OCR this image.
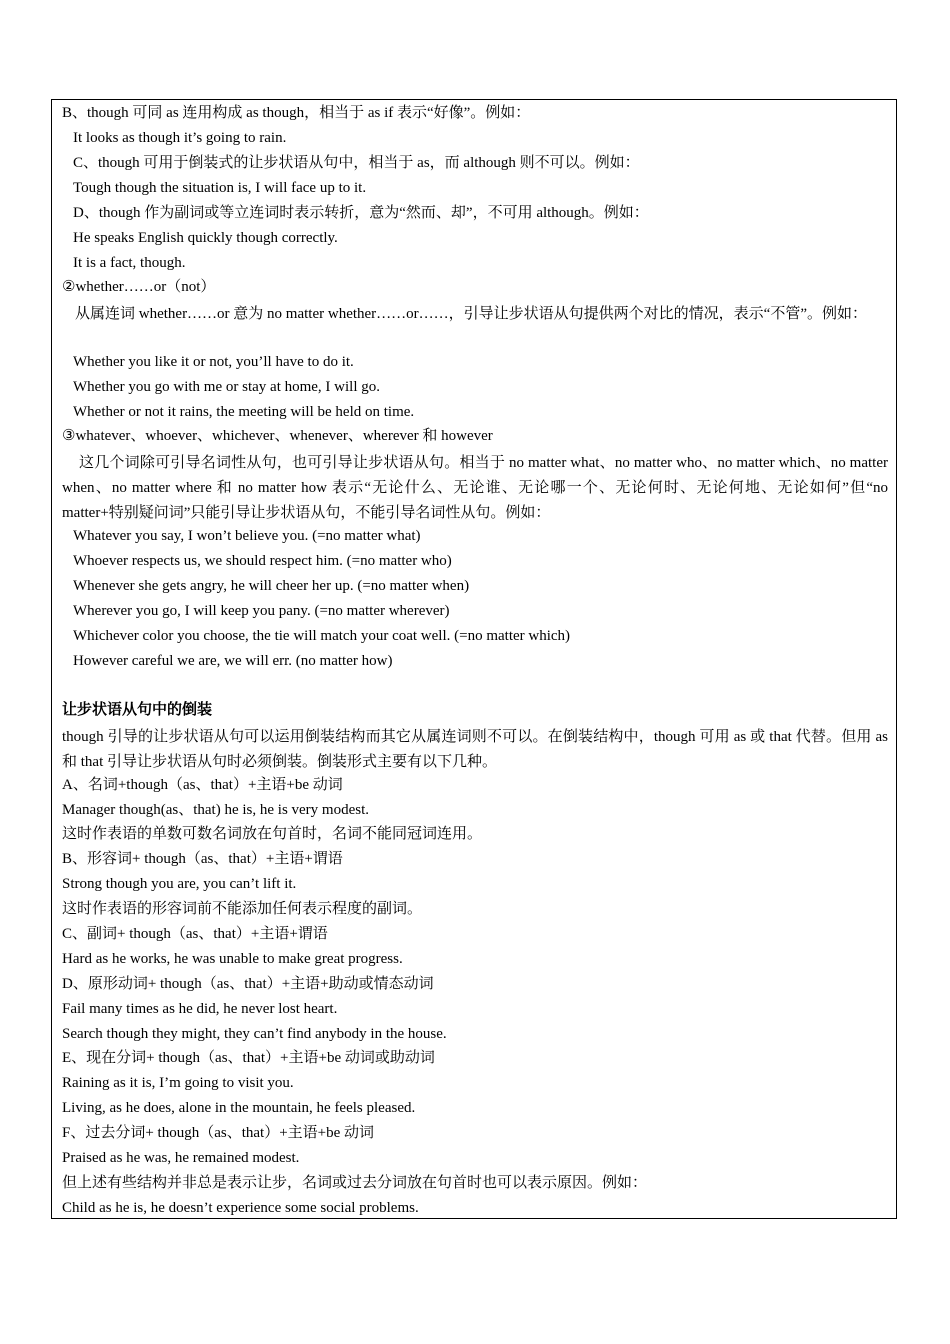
B、though 可同 as 连用构成 as though，相当于 as if 表示“好像”。例如：
It looks as though it’s going to rain.
C、though 可用于倒装式的让步状语从句中，相当于 as，而 although 则不可以。例如：
Tough though the situation is, I will face up to it.
D、though 作为副词或等立连词时表示转折，意为“然而、却”，不可用 although。例如：
He speaks English quickly though correctly.
It is a fact, though.
②whether……or（not）
从属连词 whether……or 意为 no matter whether……or……，引导让步状语从句提供两个对比的情况，表示“不管”。例如：
Whether you like it or not, you’ll have to do it.
Whether you go with me or stay at home, I will go.
Whether or not it rains, the meeting will be held on time.
③whatever、whoever、whichever、whenever、wherever 和 however
这几个词除可引导名词性从句，也可引导让步状语从句。相当于 no matter what、no matter who、no matter which、no matter when、no matter where 和 no matter how 表示“无论什么、无论谁、无论哪一个、无论何时、无论何地、无论如何”但“no matter+特别疑问词”只能引导让步状语从句，不能引导名词性从句。例如：
Whatever you say, I won’t believe you. (=no matter what)
Whoever respects us, we should respect him. (=no matter who)
Whenever she gets angry, he will cheer her up. (=no matter when)
Wherever you go, I will keep you pany. (=no matter wherever)
Whichever color you choose, the tie will match your coat well. (=no matter which)
However careful we are, we will err. (no matter how)
让步状语从句中的倒装
though 引导的让步状语从句可以运用倒装结构而其它从属连词则不可以。在倒装结构中，though 可用 as 或 that 代替。但用 as 和 that 引导让步状语从句时必须倒装。倒装形式主要有以下几种。
A、名词+though（as、that）+主语+be 动词
Manager though(as、that) he is, he is very modest.
这时作表语的单数可数名词放在句首时，名词不能同冠词连用。
B、形容词+ though（as、that）+主语+谓语
Strong though you are, you can’t lift it.
这时作表语的形容词前不能添加任何表示程度的副词。
C、副词+ though（as、that）+主语+谓语
Hard as he works, he was unable to make great progress.
D、原形动词+ though（as、that）+主语+助动或情态动词
Fail many times as he did, he never lost heart.
Search though they might, they can’t find anybody in the house.
E、现在分词+ though（as、that）+主语+be 动词或助动词
Raining as it is, I’m going to visit you.
Living, as he does, alone in the mountain, he feels pleased.
F、过去分词+ though（as、that）+主语+be 动词
Praised as he was, he remained modest.
但上述有些结构并非总是表示让步，名词或过去分词放在句首时也可以表示原因。例如：
Child as he is, he doesn’t experience some social problems.
